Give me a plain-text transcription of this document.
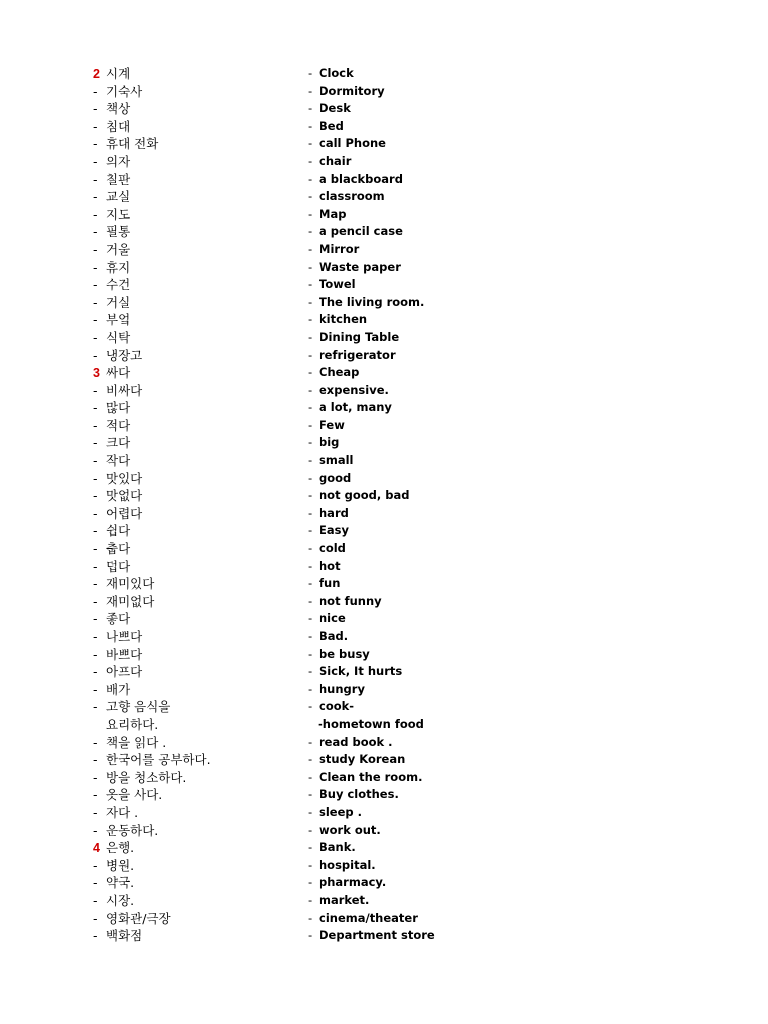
2 시계	- Clock
- 기숙사	- Dormitory
- 책상	- Desk
- 침대	- Bed
- 휴대 전화	- call Phone
- 의자	- chair
- 칠판	- a blackboard
- 교실	- classroom
- 지도	- Map
- 필통	- a pencil case
- 거울	- Mirror
- 휴지	- Waste paper
- 수건	- Towel
- 거실	- The living room.
- 부엌	- kitchen
- 식탁	- Dining Table
- 냉장고	- refrigerator
3 싸다	- Cheap
- 비싸다	- expensive.
- 많다	- a lot, many
- 적다	- Few
- 크다	- big
- 작다	- small
- 맛있다	- good
- 맛없다	- not good, bad
- 어렵다	- hard
- 쉽다	- Easy
- 춥다	- cold
- 덥다	- hot
- 재미있다	- fun
- 재미없다	- not funny
- 좋다	- nice
- 나쁘다	- Bad.
- 바쁘다	- be busy
- 아프다	- Sick, It hurts
- 배가	- hungry
- 고향 음식을	- cook-
요리하다.	-hometown food
- 책을 읽다 .	- read book .
- 한국어를 공부하다.	- study Korean
- 방을 청소하다.	- Clean the room.
- 옷을 사다.	- Buy clothes.
- 자다 .	- sleep .
- 운동하다.	- work out.
4 은행.	- Bank.
- 병원.	- hospital.
- 약국.	- pharmacy.
- 시장.	- market.
- 영화관/극장	- cinema/theater
- 백화점	- Department store
